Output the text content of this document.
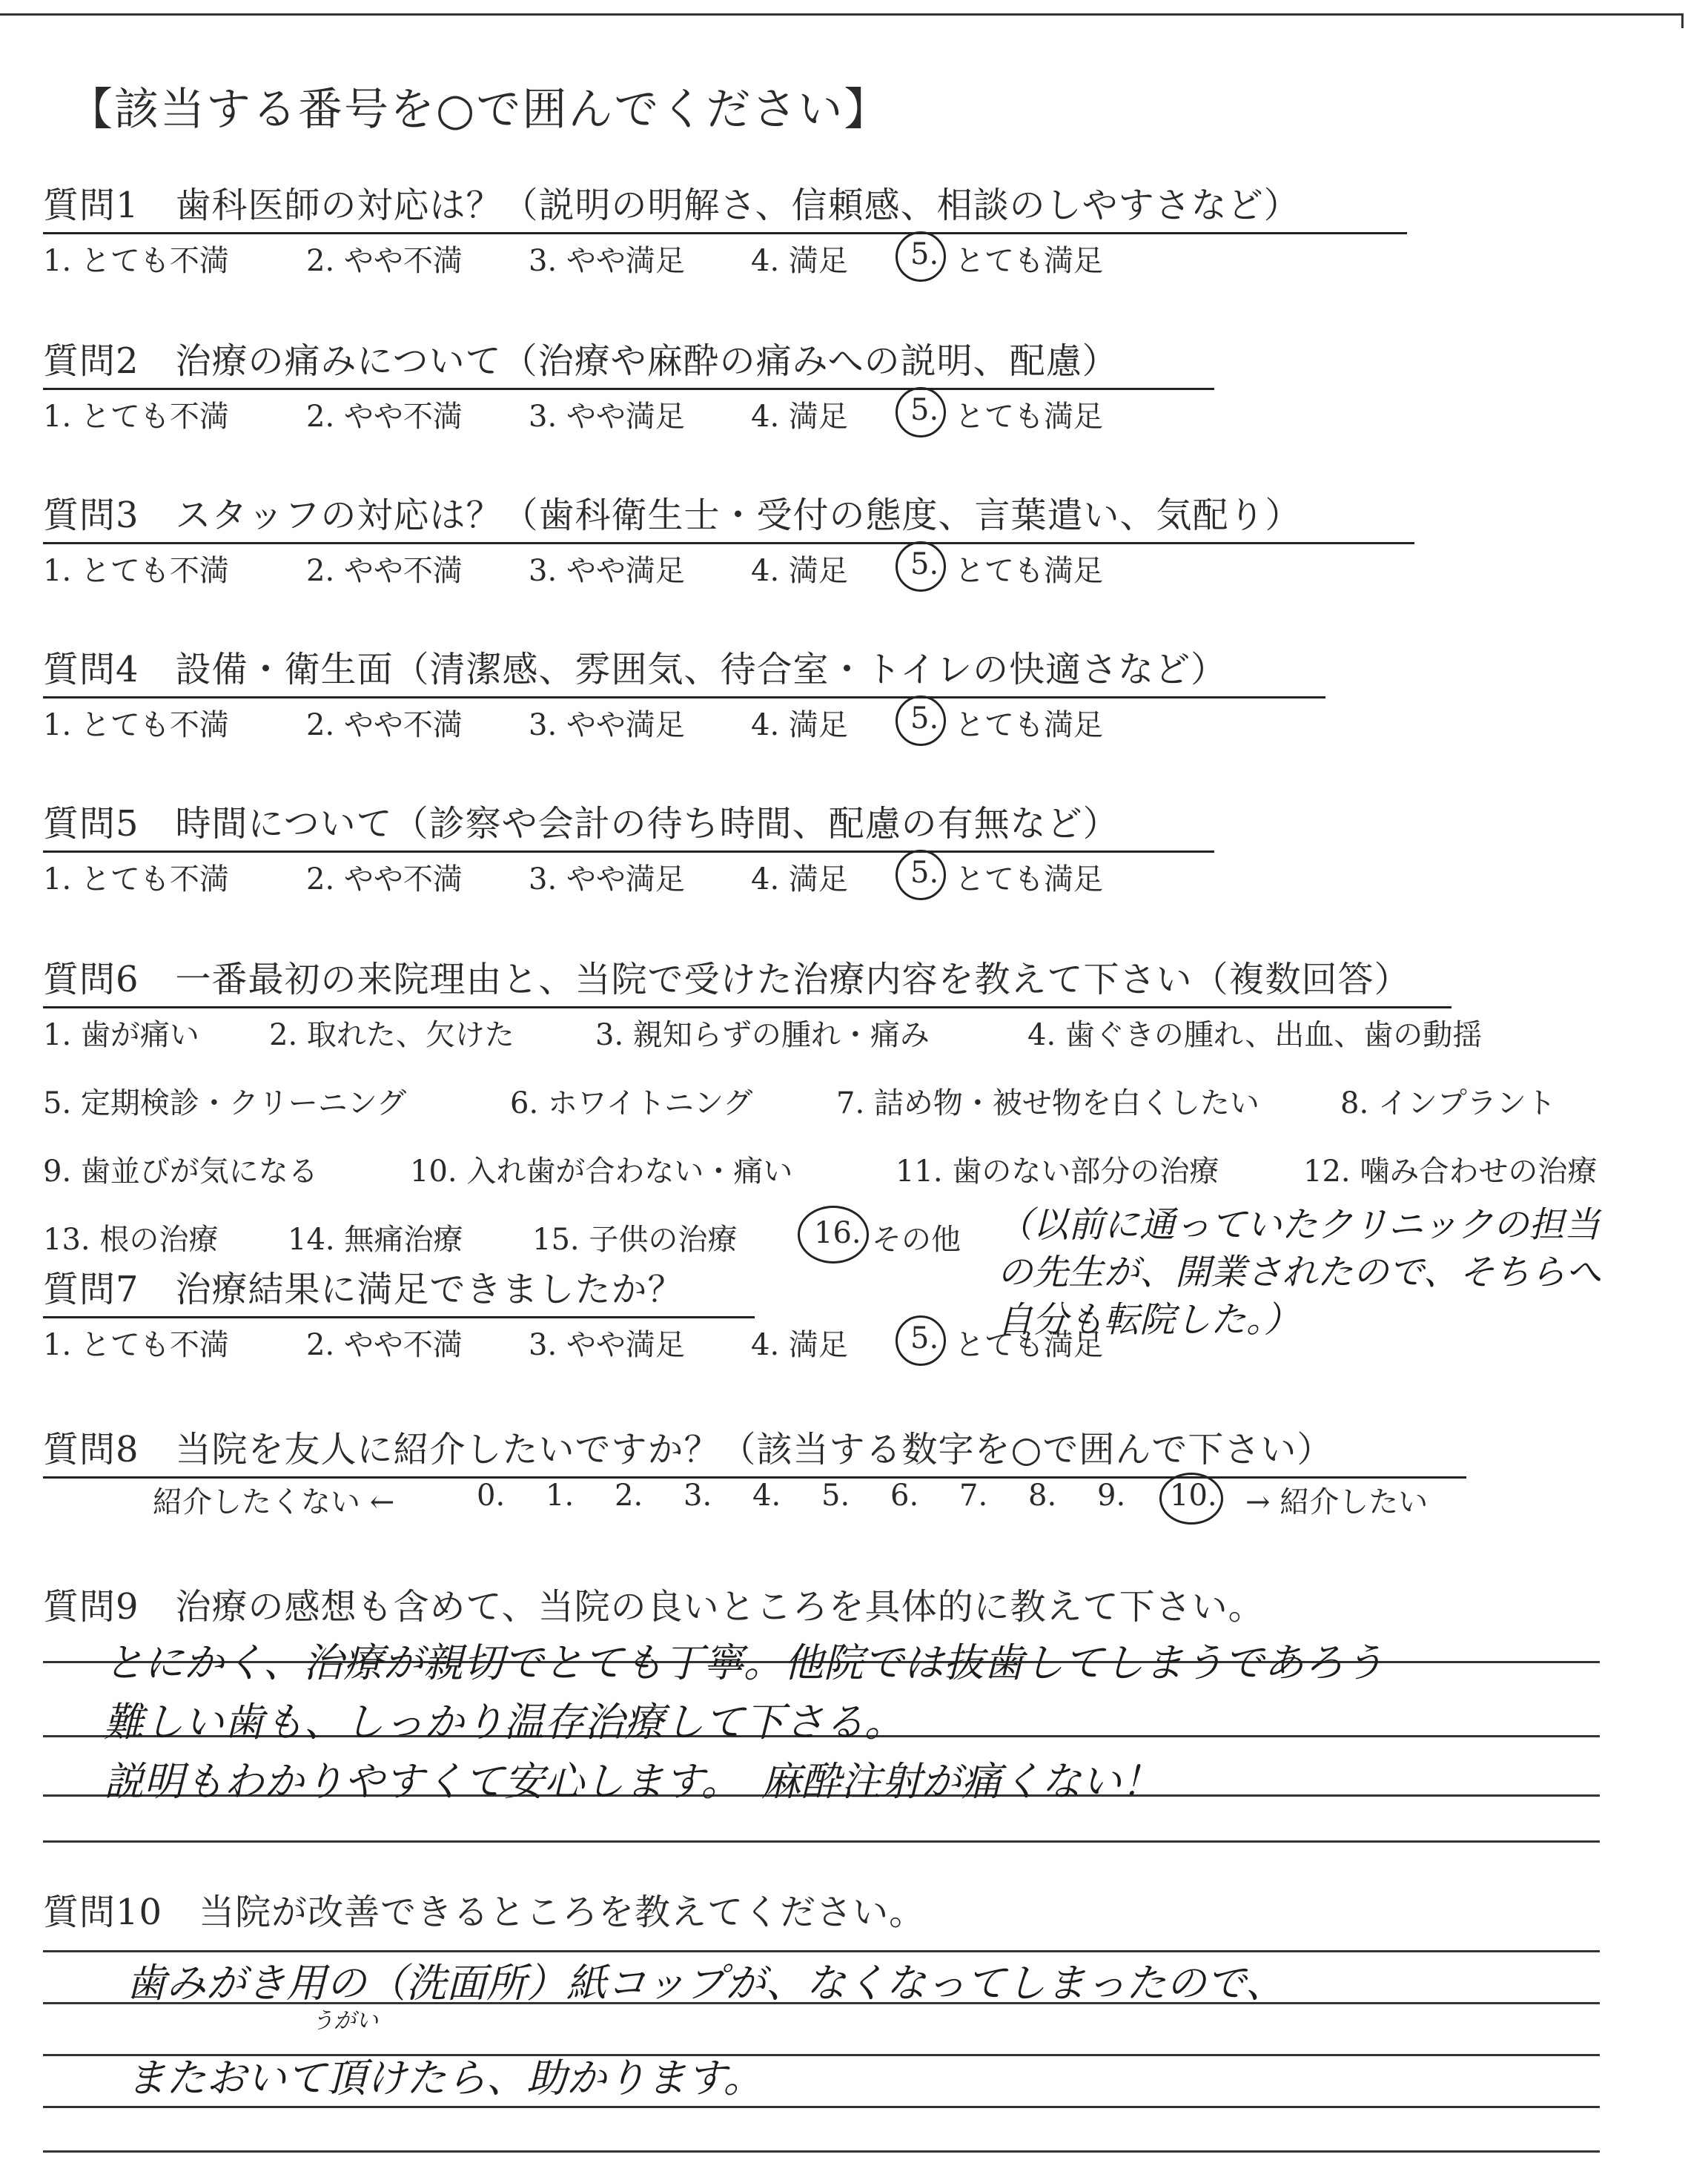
【該当する番号を○で囲んでください】
質問1　歯科医師の対応は？（説明の明解さ、信頼感、相談のしやすさなど）
1. とても不満	2. やや不満 3. やや満足 4. 満足 5. とても満足
質問2　治療の痛みについて（治療や麻酔の痛みへの説明、配慮）
1. とても不満	2. やや不満 3. やや満足 4. 満足 5. とても満足
質問3　スタッフの対応は？（歯科衛生士・受付の態度、言葉遣い、気配り）
1. とても不満	2. やや不満 3. やや満足 4. 満足 5. とても満足
質問4　設備・衛生面（清潔感、雰囲気、待合室・トイレの快適さなど）
1. とても不満	2. やや不満 3. やや満足 4. 満足 5. とても満足
質問5　時間について（診察や会計の待ち時間、配慮の有無など）
1. とても不満	2. やや不満 3. やや満足 4. 満足 5. とても満足
質問6　一番最初の来院理由と、当院で受けた治療内容を教えて下さい（複数回答）
1. 歯が痛い 2. 取れた、欠けた	3. 親知らずの腫れ・痛み	4. 歯ぐきの腫れ、出血、歯の動揺
5. 定期検診・クリーニング	6. ホワイトニング	7. 詰め物・被せ物を白くしたい	8. インプラント
9. 歯並びが気になる	10. 入れ歯が合わない・痛い	11. 歯のない部分の治療	12. 噛み合わせの治療
13. 根の治療 14. 無痛治療 15. 子供の治療	16. その他 （以前に通っていたクリニックの担当
の先生が、開業されたので、そちらへ
自分も転院した。）
質問7　治療結果に満足できましたか？
1. とても不満	2. やや不満 3. やや満足 4. 満足 5. とても満足
質問8　当院を友人に紹介したいですか？（該当する数字を○で囲んで下さい）
紹介したくない ←	0. 1. 2. 3. 4. 5. 6. 7. 8. 9. 10. → 紹介したい
質問9　治療の感想も含めて、当院の良いところを具体的に教えて下さい。
とにかく、治療が親切でとても丁寧。他院では抜歯してしまうであろう
難しい歯も、しっかり温存治療して下さる。
説明もわかりやすくて安心します。　麻酔注射が痛くない！
質問10　当院が改善できるところを教えてください。
歯みがき用の（洗面所）紙コップが、なくなってしまったので、
うがい
またおいて頂けたら、助かります。
